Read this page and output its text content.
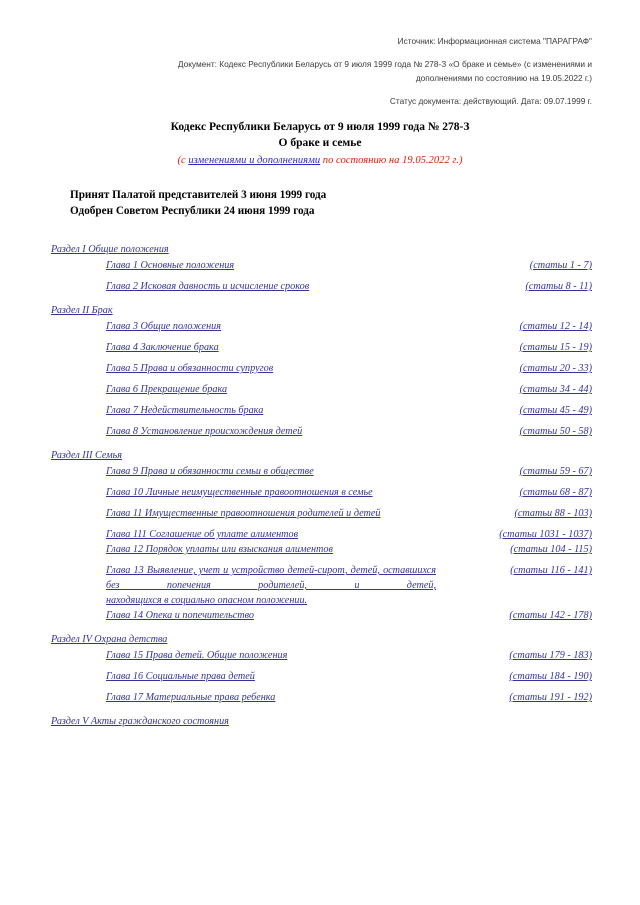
Источник: Информационная система "ПАРАГРАФ"
Документ: Кодекс Республики Беларусь от 9 июля 1999 года № 278-З «О браке и семье» (с изменениями и дополнениями по состоянию на 19.05.2022 г.)
Статус документа: действующий. Дата: 09.07.1999 г.
Кодекс Республики Беларусь от 9 июля 1999 года № 278-З
О браке и семье
(с изменениями и дополнениями по состоянию на 19.05.2022 г.)
Принят Палатой представителей 3 июня 1999 года
Одобрен Советом Республики 24 июня 1999 года
Раздел I Общие положения
Глава 1 Основные положения	(статьи 1 - 7)
Глава 2 Исковая давность и исчисление сроков	(статьи 8 - 11)
Раздел II Брак
Глава 3 Общие положения	(статьи 12 - 14)
Глава 4 Заключение брака	(статьи 15 - 19)
Глава 5 Права и обязанности супругов	(статьи 20 - 33)
Глава 6 Прекращение брака	(статьи 34 - 44)
Глава 7 Недействительность брака	(статьи 45 - 49)
Глава 8 Установление происхождения детей	(статьи 50 - 58)
Раздел III Семья
Глава 9 Права и обязанности семьи в обществе	(статьи 59 - 67)
Глава 10 Личные неимущественные правоотношения в семье	(статьи 68 - 87)
Глава 11 Имущественные правоотношения родителей и детей	(статьи 88 - 103)
Глава 111 Соглашение об уплате алиментов	(статьи 1031 - 1037)
Глава 12 Порядок уплаты или взыскания алиментов	(статьи 104 - 115)
Глава 13 Выявление, учет и устройство детей-сирот, детей, оставшихся без попечения родителей, и детей,
находящихся в социально опасном положении.
(статьи 116 - 141)
Глава 14 Опека и попечительство	(статьи 142 - 178)
Раздел IV Охрана детства
Глава 15 Права детей. Общие положения	(статьи 179 - 183)
Глава 16 Социальные права детей	(статьи 184 - 190)
Глава 17 Материальные права ребенка	(статьи 191 - 192)
Раздел V Акты гражданского состояния
